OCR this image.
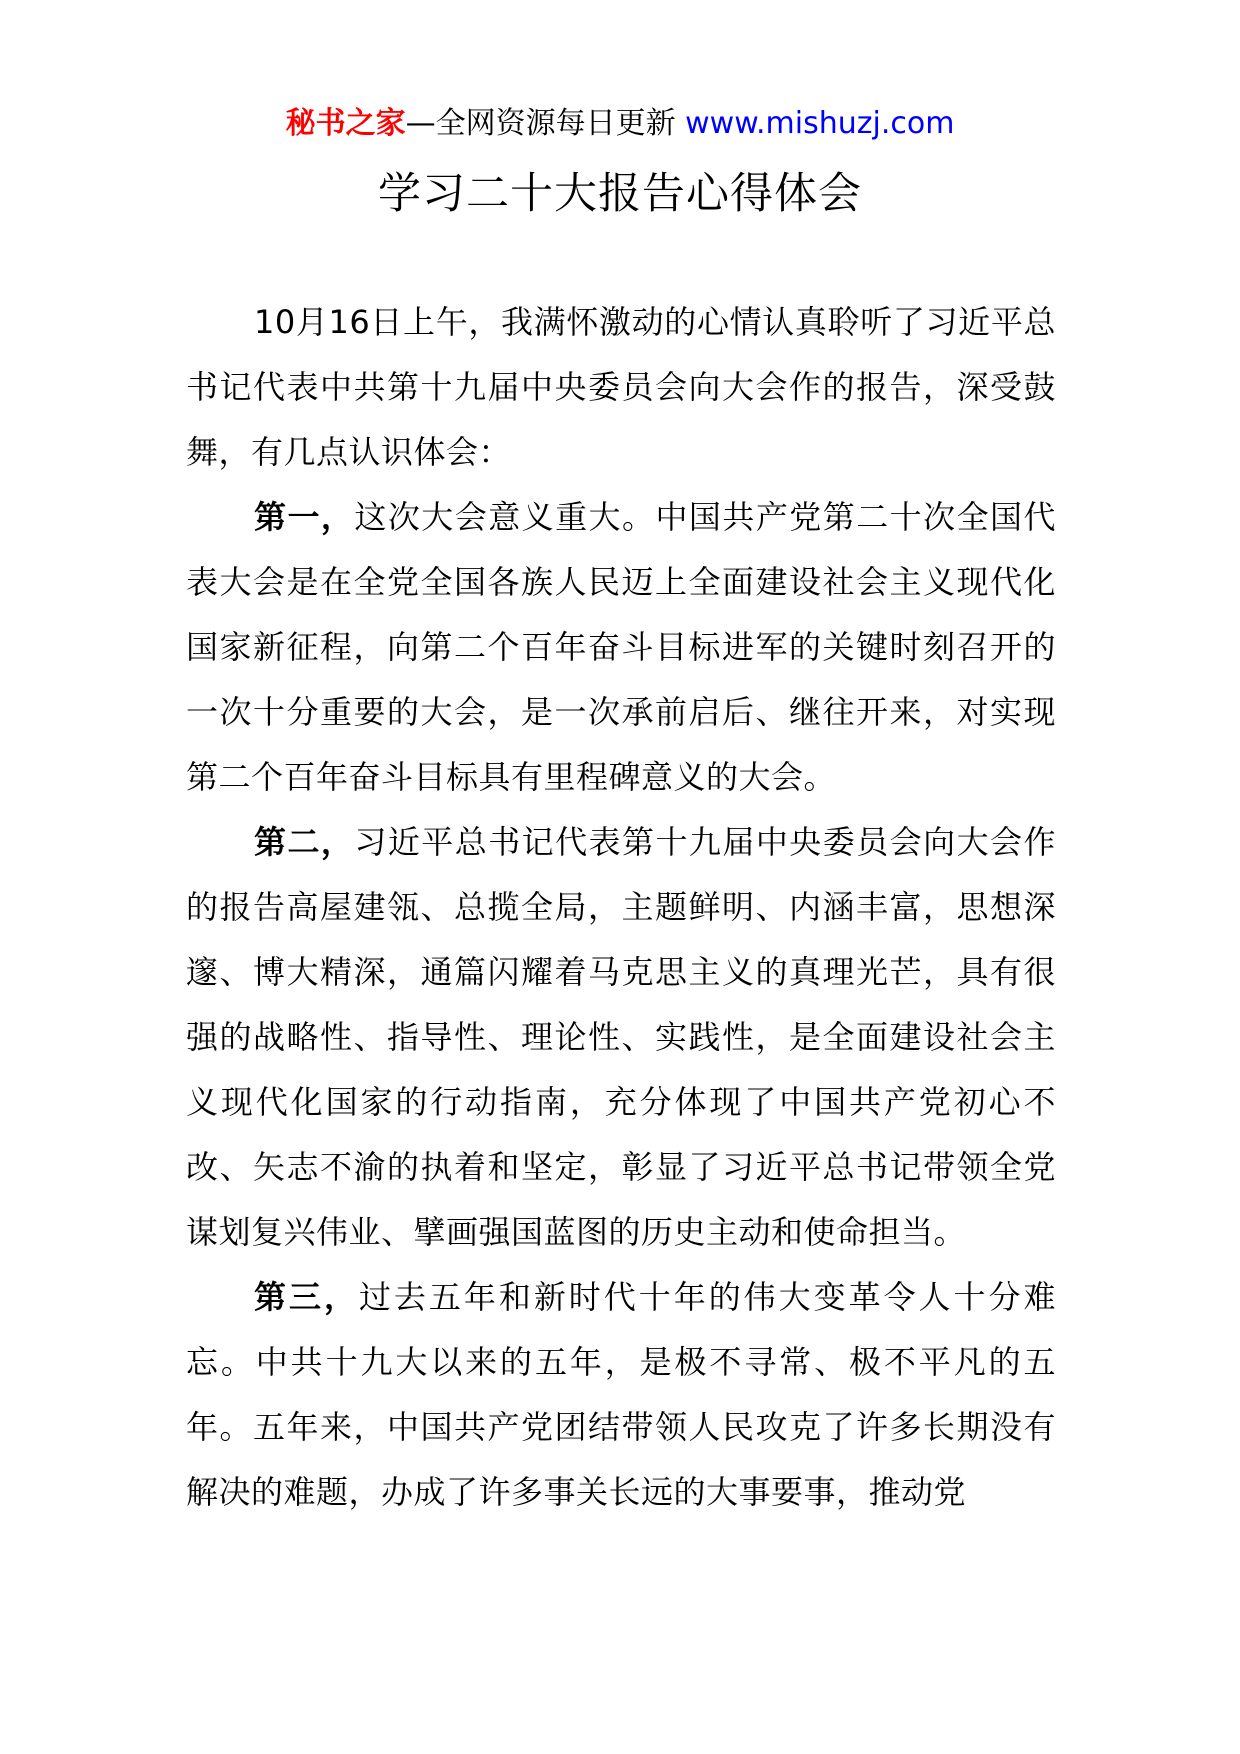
秘书之家—全网资源每日更新 www.mishuzj.com
学习二十大报告心得体会

10月16日上午，我满怀激动的心情认真聆听了习近平总书记代表中共第十九届中央委员会向大会作的报告，深受鼓舞，有几点认识体会：

第一，这次大会意义重大。中国共产党第二十次全国代表大会是在全党全国各族人民迈上全面建设社会主义现代化国家新征程，向第二个百年奋斗目标进军的关键时刻召开的一次十分重要的大会，是一次承前启后、继往开来，对实现第二个百年奋斗目标具有里程碑意义的大会。

第二，习近平总书记代表第十九届中央委员会向大会作的报告高屋建瓴、总揽全局，主题鲜明、内涵丰富，思想深邃、博大精深，通篇闪耀着马克思主义的真理光芒，具有很强的战略性、指导性、理论性、实践性，是全面建设社会主义现代化国家的行动指南，充分体现了中国共产党初心不改、矢志不渝的执着和坚定，彰显了习近平总书记带领全党谋划复兴伟业、擘画强国蓝图的历史主动和使命担当。

第三，过去五年和新时代十年的伟大变革令人十分难忘。中共十九大以来的五年，是极不寻常、极不平凡的五年。五年来，中国共产党团结带领人民攻克了许多长期没有解决的难题，办成了许多事关长远的大事要事，推动党
